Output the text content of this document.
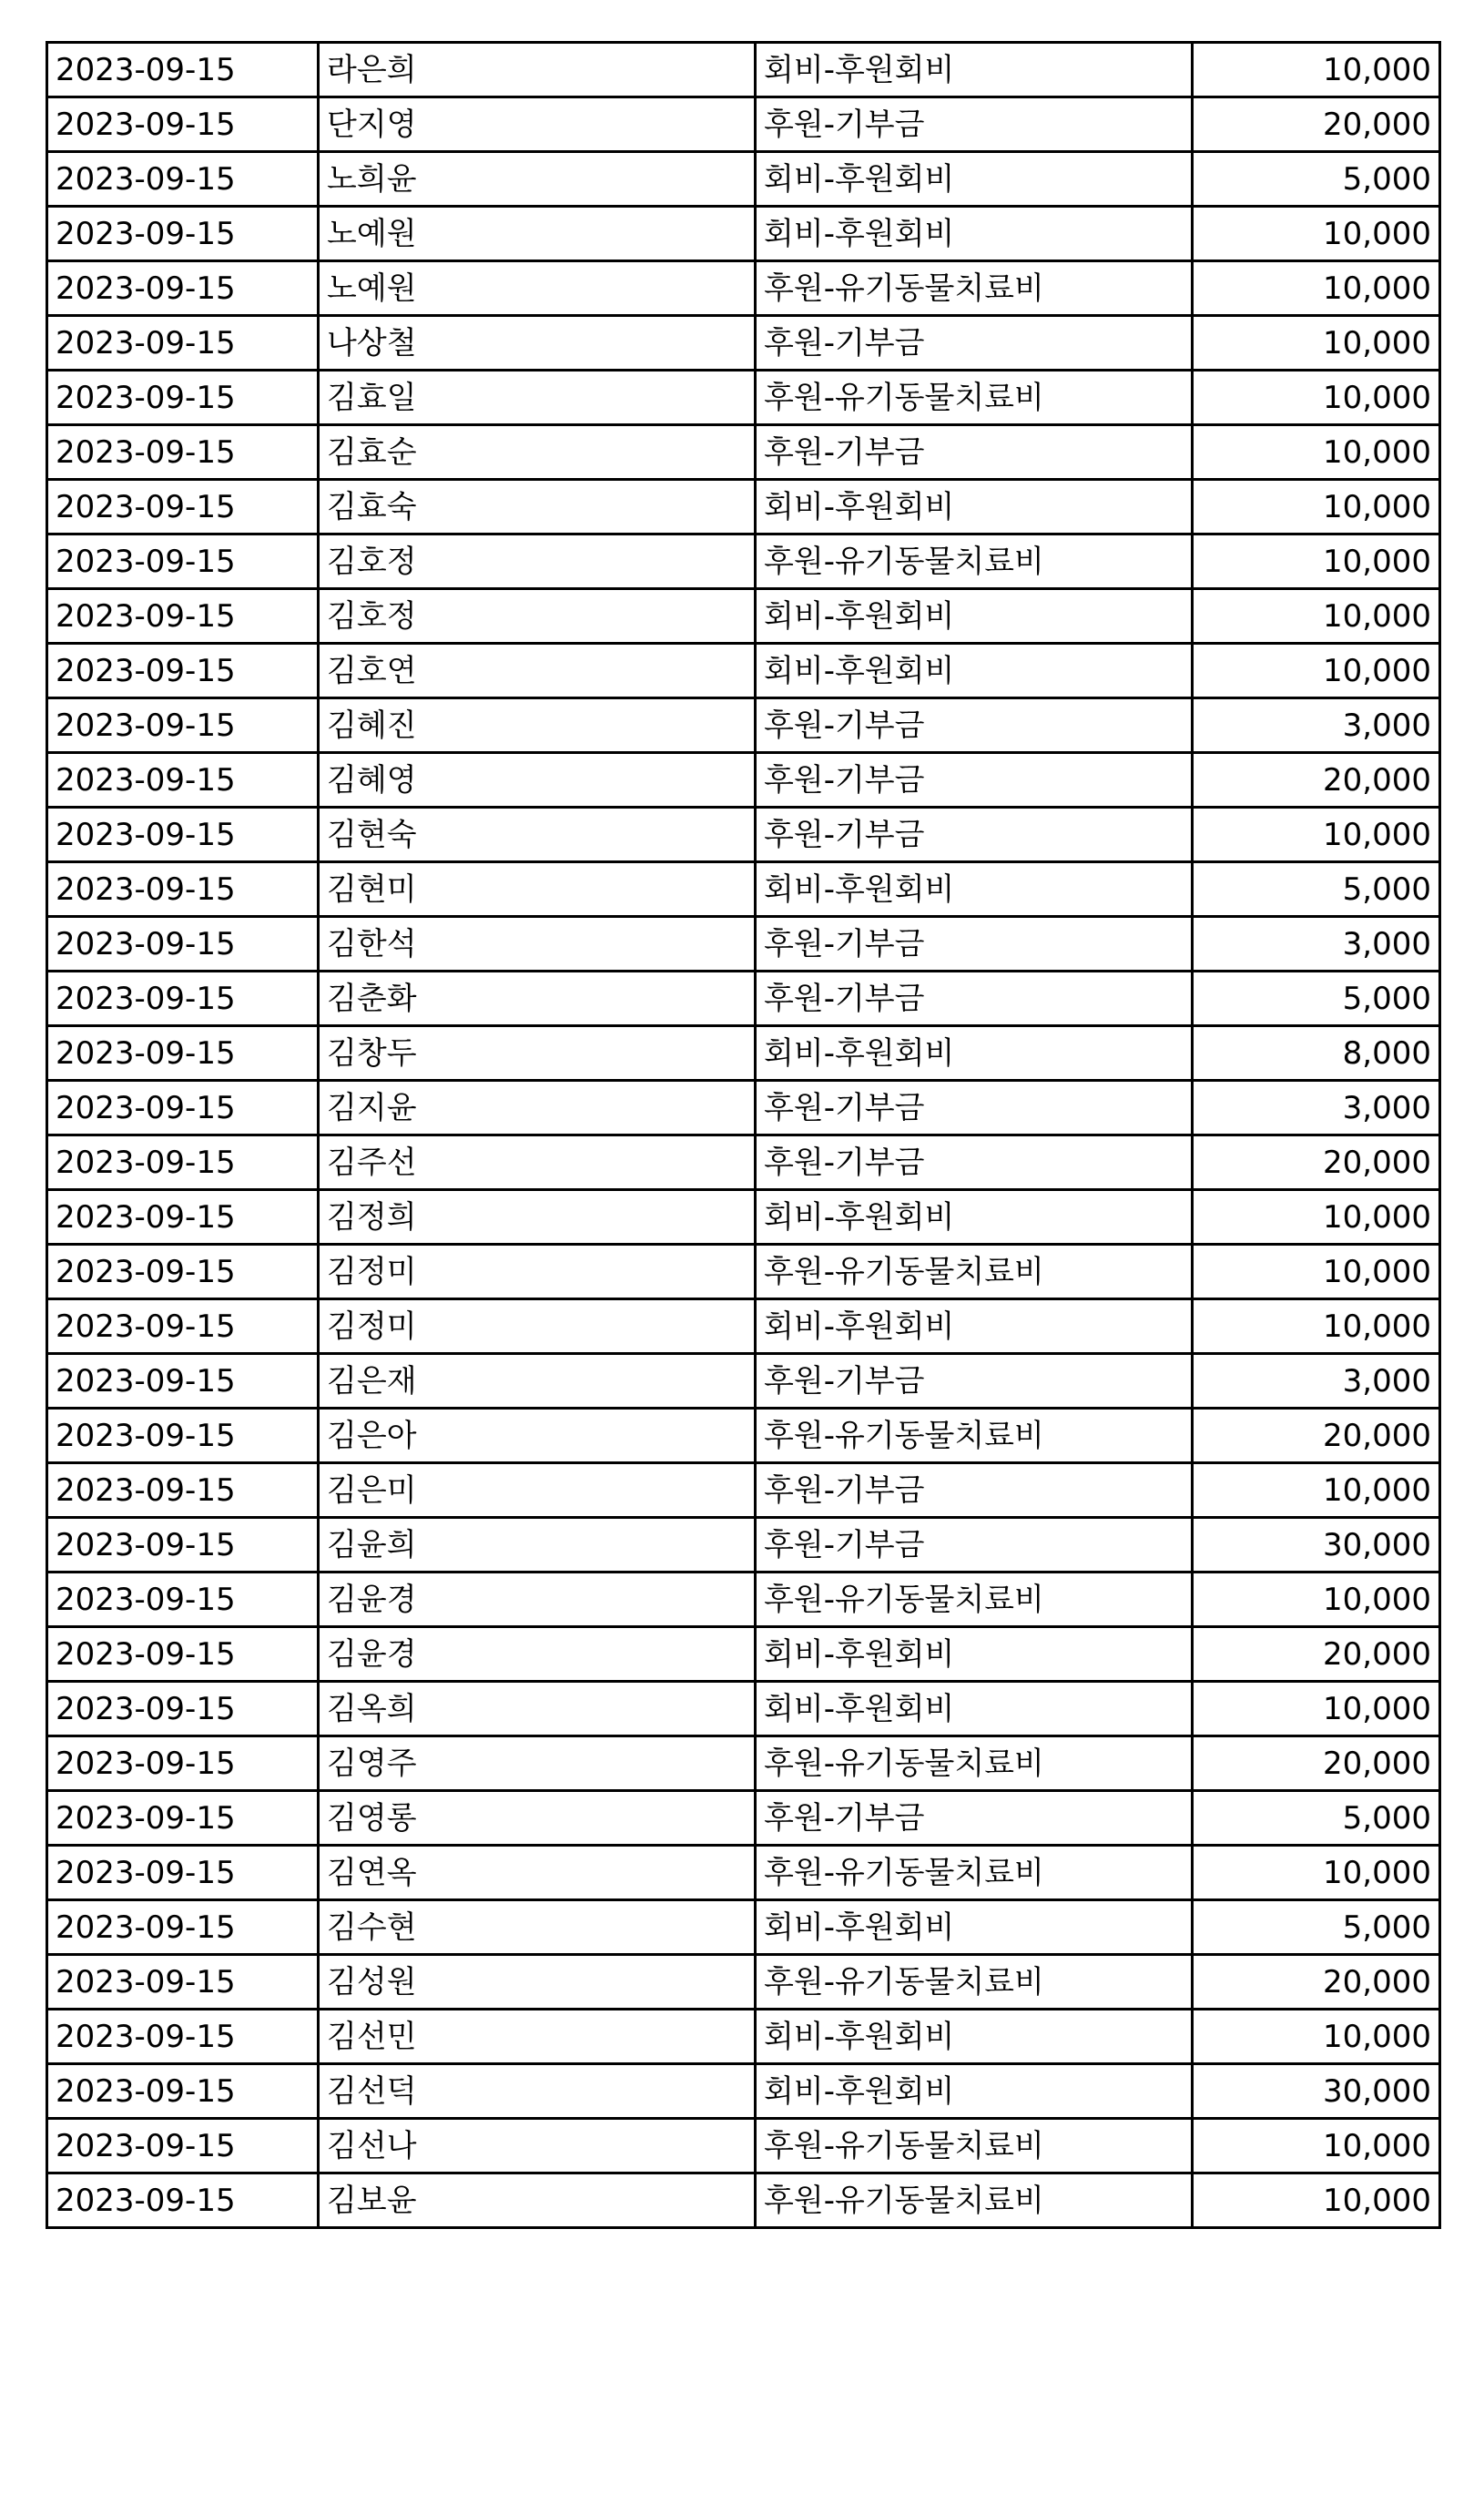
2023-09-15	라은희	회비-후원회비	10,000
2023-09-15	단지영	후원-기부금	20,000
2023-09-15	노희윤	회비-후원회비	5,000
2023-09-15	노예원	회비-후원회비	10,000
2023-09-15	노예원	후원-유기동물치료비	10,000
2023-09-15	나상철	후원-기부금	10,000
2023-09-15	김효일	후원-유기동물치료비	10,000
2023-09-15	김효순	후원-기부금	10,000
2023-09-15	김효숙	회비-후원회비	10,000
2023-09-15	김호정	후원-유기동물치료비	10,000
2023-09-15	김호정	회비-후원회비	10,000
2023-09-15	김호연	회비-후원회비	10,000
2023-09-15	김혜진	후원-기부금	3,000
2023-09-15	김혜영	후원-기부금	20,000
2023-09-15	김현숙	후원-기부금	10,000
2023-09-15	김현미	회비-후원회비	5,000
2023-09-15	김한석	후원-기부금	3,000
2023-09-15	김춘화	후원-기부금	5,000
2023-09-15	김창두	회비-후원회비	8,000
2023-09-15	김지윤	후원-기부금	3,000
2023-09-15	김주선	후원-기부금	20,000
2023-09-15	김정희	회비-후원회비	10,000
2023-09-15	김정미	후원-유기동물치료비	10,000
2023-09-15	김정미	회비-후원회비	10,000
2023-09-15	김은재	후원-기부금	3,000
2023-09-15	김은아	후원-유기동물치료비	20,000
2023-09-15	김은미	후원-기부금	10,000
2023-09-15	김윤희	후원-기부금	30,000
2023-09-15	김윤경	후원-유기동물치료비	10,000
2023-09-15	김윤경	회비-후원회비	20,000
2023-09-15	김옥희	회비-후원회비	10,000
2023-09-15	김영주	후원-유기동물치료비	20,000
2023-09-15	김영롱	후원-기부금	5,000
2023-09-15	김연옥	후원-유기동물치료비	10,000
2023-09-15	김수현	회비-후원회비	5,000
2023-09-15	김성원	후원-유기동물치료비	20,000
2023-09-15	김선민	회비-후원회비	10,000
2023-09-15	김선덕	회비-후원회비	30,000
2023-09-15	김선나	후원-유기동물치료비	10,000
2023-09-15	김보윤	후원-유기동물치료비	10,000
